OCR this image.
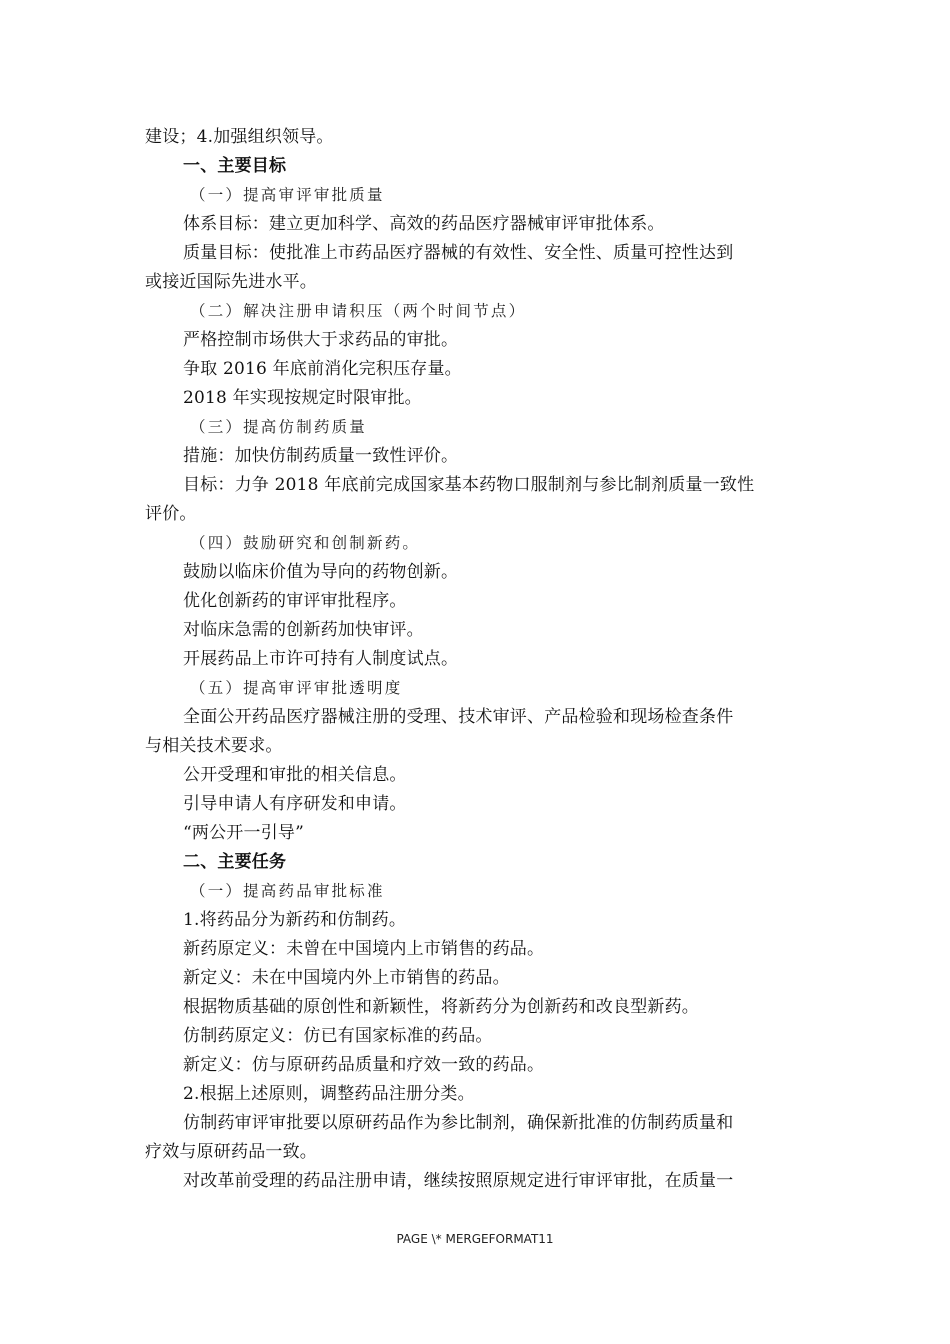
建设；4.加强组织领导。
一、主要目标
（一）提高审评审批质量
体系目标：建立更加科学、高效的药品医疗器械审评审批体系。
质量目标：使批准上市药品医疗器械的有效性、安全性、质量可控性达到
或接近国际先进水平。
（二）解决注册申请积压（两个时间节点）
严格控制市场供大于求药品的审批。
争取 2016 年底前消化完积压存量。
2018 年实现按规定时限审批。
（三）提高仿制药质量
措施：加快仿制药质量一致性评价。
目标：力争 2018 年底前完成国家基本药物口服制剂与参比制剂质量一致性
评价。
（四）鼓励研究和创制新药。
鼓励以临床价值为导向的药物创新。
优化创新药的审评审批程序。
对临床急需的创新药加快审评。
开展药品上市许可持有人制度试点。
（五）提高审评审批透明度
全面公开药品医疗器械注册的受理、技术审评、产品检验和现场检查条件
与相关技术要求。
公开受理和审批的相关信息。
引导申请人有序研发和申请。
“两公开一引导”
二、主要任务
（一）提高药品审批标准
1.将药品分为新药和仿制药。
新药原定义：未曾在中国境内上市销售的药品。
新定义：未在中国境内外上市销售的药品。
根据物质基础的原创性和新颖性，将新药分为创新药和改良型新药。
仿制药原定义：仿已有国家标准的药品。
新定义：仿与原研药品质量和疗效一致的药品。
2.根据上述原则，调整药品注册分类。
仿制药审评审批要以原研药品作为参比制剂，确保新批准的仿制药质量和
疗效与原研药品一致。
对改革前受理的药品注册申请，继续按照原规定进行审评审批，在质量一
PAGE \* MERGEFORMAT11
